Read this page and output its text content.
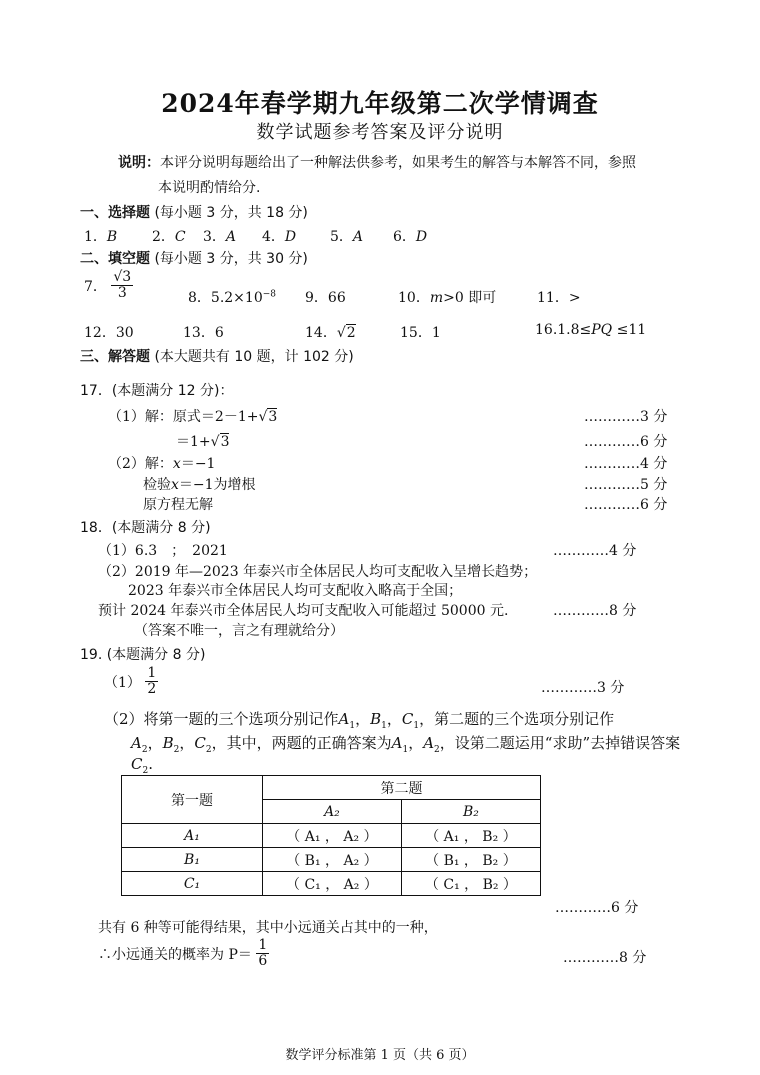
2024年春学期九年级第二次学情调查
数学试题参考答案及评分说明
说明：本评分说明每题给出了一种解法供参考，如果考生的解答与本解答不同，参照
本说明酌情给分.
一、选择题 (每小题 3 分，共 18 分)
1．B 2．C 3．A 4．D 5．A 6．D
二、填空题 (每小题 3 分，共 30 分)
7． $\frac{√3}{3}$	8．$5.2\times 10^{-8}$ 9．66	10．m>0 即可	11．>
12．30	13．6	14．√2	15．1	16.1.8≤PQ ≤11
三、解答题 (本大题共有 10 题，计 102 分)
17．(本题满分 12 分)：
（1）解：原式＝2－1+√3
＝1+√3
（2）解：x＝−1
检验x＝−1为增根
原方程无解
…………3 分
…………6 分
…………4 分
…………5 分
…………6 分
18．(本题满分 8 分)
（1）6.3　；　2021
（2）2019 年—2023 年泰兴市全体居民人均可支配收入呈增长趋势；
2023 年泰兴市全体居民人均可支配收入略高于全国；
预计 2024 年泰兴市全体居民人均可支配收入可能超过 50000 元.
（答案不唯一，言之有理就给分）
…………4 分
…………8 分
19. (本题满分 8 分)
$(1) \frac{1}{2}$	…………3 分
（2）将第一题的三个选项分别记作$A_1$，$B_1$，$C_1$，第二题的三个选项分别记作
$A_2$，$B_2$，$C_2$，其中，两题的正确答案为$A_1$，$A_2$，设第二题运用“求助”去掉错误答案
$C_2$.
第一题	第二题	
	A₂	B₂
A₁	（ A₁ ， A₂ ）	（ A₁ ， B₂ ）
B₁	（ B₁ ， A₂ ）	（ B₁ ， B₂ ）
C₁	（ C₁ ， A₂ ）	（ C₁ ， B₂ ）
…………6 分
共有 6 种等可能得结果，其中小远通关占其中的一种，
∴小远通关的概率为 $P= \frac{1}{6}$	…………8 分
数学评分标准第 1 页（共 6 页）
